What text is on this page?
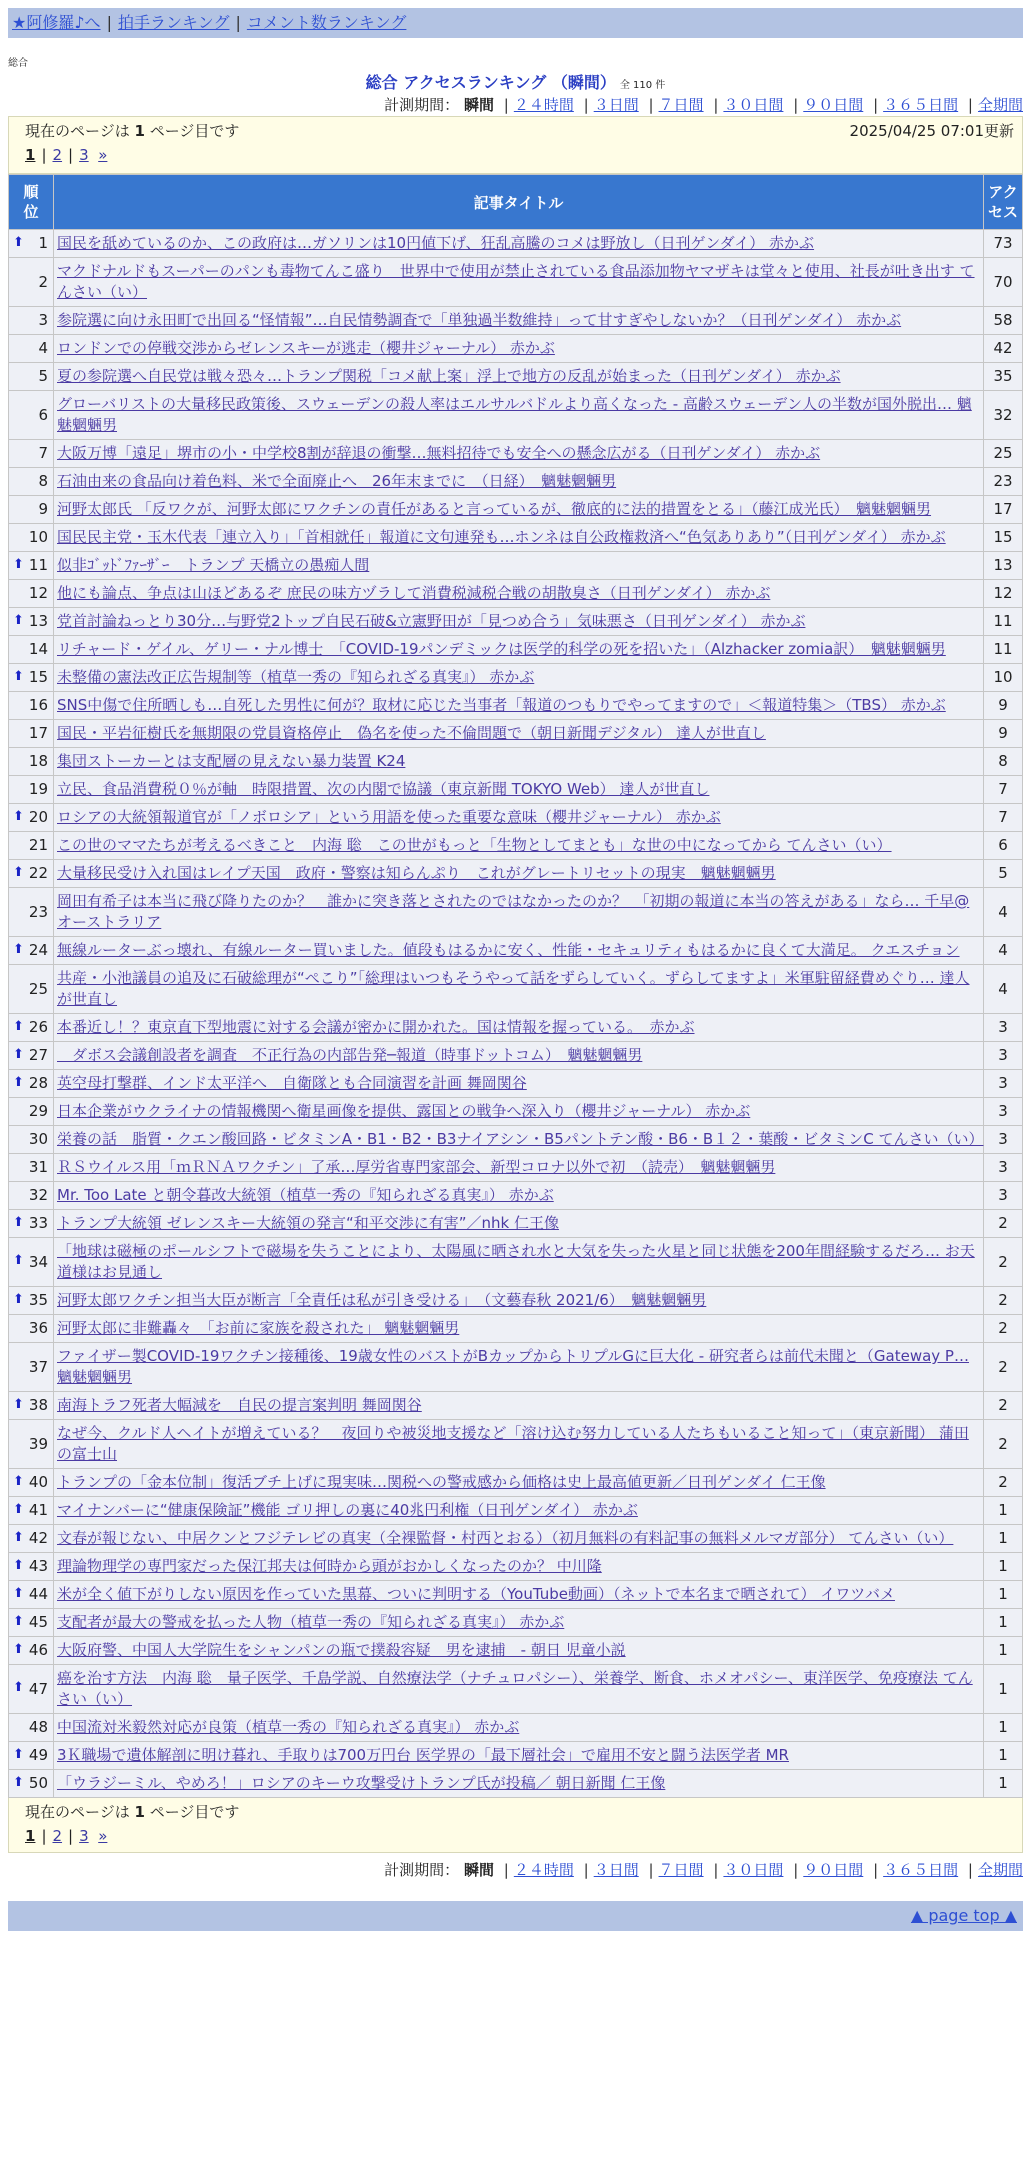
★阿修羅♪へ | 拍手ランキング | コメント数ランキング
総合
総合 アクセスランキング （瞬間） 全 110 件
計測期間： 瞬間 | ２４時間 | ３日間 | ７日間 | ３０日間 | ９０日間 | ３６５日間 | 全期間
現在のページは 1 ページ目です	2025/04/25 07:01更新
1 | 2 | 3 »
順位	記事タイトル	アクセス

⬆ 1	国民を舐めているのか、この政府は…ガソリンは10円値下げ、狂乱高騰のコメは野放し（日刊ゲンダイ） 赤かぶ	73
2	マクドナルドもスーパーのパンも毒物てんこ盛り　世界中で使用が禁止されている食品添加物ヤマザキは堂々と使用、社長が吐き出す てんさい（い）	70
3	参院選に向け永田町で出回る“怪情報”…自民情勢調査で「単独過半数維持」って甘すぎやしないか？（日刊ゲンダイ） 赤かぶ	58
4	ロンドンでの停戦交渉からゼレンスキーが逃走（櫻井ジャーナル） 赤かぶ	42
5	夏の参院選へ自民党は戦々恐々…トランプ関税「コメ献上案」浮上で地方の反乱が始まった（日刊ゲンダイ） 赤かぶ	35
6	グローバリストの大量移民政策後、スウェーデンの殺人率はエルサルバドルより高くなった - 高齢スウェーデン人の半数が国外脱出… 魑魅魍魎男	32
7	大阪万博「遠足」堺市の小・中学校8割が辞退の衝撃…無料招待でも安全への懸念広がる（日刊ゲンダイ） 赤かぶ	25
8	石油由来の食品向け着色料、米で全面廃止へ　26年末までに　（日経）　魑魅魍魎男	23
9	河野太郎氏 「反ワクが、河野太郎にワクチンの責任があると言っているが、徹底的に法的措置をとる」（藤江成光氏）　魑魅魍魎男	17
10	国民民主党・玉木代表「連立入り」「首相就任」報道に文句連発も…ホンネは自公政権救済へ“色気ありあり”（日刊ゲンダイ） 赤かぶ	15

⬆ 11	似非ｺﾞｯﾄﾞﾌｧｰｻﾞｰ　トランプ 天橋立の愚痴人間	13
12	他にも論点、争点は山ほどあるぞ 庶民の味方ヅラして消費税減税合戦の胡散臭さ（日刊ゲンダイ） 赤かぶ	12

⬆ 13	党首討論ねっとり30分…与野党2トップ自民石破&立憲野田が「見つめ合う」気味悪さ（日刊ゲンダイ） 赤かぶ	11
14	リチャード・ゲイル、ゲリー・ナル博士　「COVID-19パンデミックは医学的科学の死を招いた」（Alzhacker zomia訳）　魑魅魍魎男	11

⬆ 15	未整備の憲法改正広告規制等（植草一秀の『知られざる真実』） 赤かぶ	10
16	SNS中傷で住所晒しも…自死した男性に何が？取材に応じた当事者「報道のつもりでやってますので」＜報道特集＞（TBS） 赤かぶ	9
17	国民・平岩征樹氏を無期限の党員資格停止　偽名を使った不倫問題で（朝日新聞デジタル） 達人が世直し	9
18	集団ストーカーとは支配層の見えない暴力装置 K24	8
19	立民、食品消費税０％が軸　時限措置、次の内閣で協議（東京新聞 TOKYO Web） 達人が世直し	7

⬆ 20	ロシアの大統領報道官が「ノボロシア」という用語を使った重要な意味（櫻井ジャーナル） 赤かぶ	7
21	この世のママたちが考えるべきこと　内海 聡　この世がもっと「生物としてまとも」な世の中になってから てんさい（い）	6

⬆ 22	大量移民受け入れ国はレイプ天国　政府・警察は知らんぷり　これがグレートリセットの現実　魑魅魍魎男	5
23	岡田有希子は本当に飛び降りたのか？　誰かに突き落とされたのではなかったのか？　「初期の報道に本当の答えがある」なら… 千早@オーストラリア	4

⬆ 24	無線ルーターぶっ壊れ、有線ルーター買いました。値段もはるかに安く、性能・セキュリティもはるかに良くて大満足。 クエスチョン	4
25	共産・小池議員の追及に石破総理が“ぺこり”「総理はいつもそうやって話をずらしていく。ずらしてますよ」米軍駐留経費めぐり… 達人が世直し	4

⬆ 26	本番近し！？東京直下型地震に対する会議が密かに開かれた。国は情報を握っている。　赤かぶ	3

⬆ 27	　ダボス会議創設者を調査　不正行為の内部告発─報道（時事ドットコム）　魑魅魍魎男	3

⬆ 28	英空母打撃群、インド太平洋へ　自衛隊とも合同演習を計画 舞岡関谷	3
29	日本企業がウクライナの情報機関へ衛星画像を提供、露国との戦争へ深入り（櫻井ジャーナル） 赤かぶ	3
30	栄養の話　脂質・クエン酸回路・ビタミンA・B1・B2・B3ナイアシン・B5パントテン酸・B6・B１２・葉酸・ビタミンC てんさい（い）	3
31	ＲＳウイルス用「ｍＲＮＡワクチン」了承…厚労省専門家部会、新型コロナ以外で初　（読売）　魑魅魍魎男	3
32	Mr. Too Late と朝令暮改大統領（植草一秀の『知られざる真実』） 赤かぶ	3

⬆ 33	トランプ大統領 ゼレンスキー大統領の発言“和平交渉に有害”／nhk 仁王像	2

⬆ 34	「地球は磁極のポールシフトで磁場を失うことにより、太陽風に晒され水と大気を失った火星と同じ状態を200年間経験するだろ… お天道様はお見通し	2

⬆ 35	河野太郎ワクチン担当大臣が断言「全責任は私が引き受ける」　（文藝春秋 2021/6）　魑魅魍魎男	2
36	河野太郎に非難轟々　「お前に家族を殺された」 魑魅魍魎男	2
37	ファイザー製COVID-19ワクチン接種後、19歳女性のバストがBカップからトリプルGに巨大化 - 研究者らは前代未聞と（Gateway P… 魑魅魍魎男	2

⬆ 38	南海トラフ死者大幅減を　自民の提言案判明 舞岡関谷	2
39	なぜ今、クルド人ヘイトが増えている？　夜回りや被災地支援など「溶け込む努力している人たちもいること知って」（東京新聞） 蒲田の富士山	2

⬆ 40	トランプの「金本位制」復活ブチ上げに現実味…関税への警戒感から価格は史上最高値更新／日刊ゲンダイ 仁王像	2

⬆ 41	マイナンバーに“健康保険証”機能 ゴリ押しの裏に40兆円利権（日刊ゲンダイ） 赤かぶ	1

⬆ 42	文春が報じない、中居クンとフジテレビの真実（全裸監督・村西とおる）（初月無料の有料記事の無料メルマガ部分） てんさい（い）	1

⬆ 43	理論物理学の専門家だった保江邦夫は何時から頭がおかしくなったのか？ 中川隆	1

⬆ 44	米が全く値下がりしない原因を作っていた黒幕、ついに判明する（YouTube動画）（ネットで本名まで晒されて） イワツバメ	1

⬆ 45	支配者が最大の警戒を払った人物（植草一秀の『知られざる真実』） 赤かぶ	1

⬆ 46	大阪府警、中国人大学院生をシャンパンの瓶で撲殺容疑　男を逮捕　- 朝日 児童小説	1

⬆ 47	癌を治す方法　内海 聡　量子医学、千島学説、自然療法学（ナチュロパシー）、栄養学、断食、ホメオパシー、東洋医学、免疫療法 てんさい（い）	1
48	中国流対米毅然対応が良策（植草一秀の『知られざる真実』） 赤かぶ	1

⬆ 49	3Ｋ職場で遺体解剖に明け暮れ、手取りは700万円台 医学界の「最下層社会」で雇用不安と闘う法医学者 MR	1

⬆ 50	「ウラジーミル、やめろ！」ロシアのキーウ攻撃受けトランプ氏が投稿／ 朝日新聞 仁王像	1
現在のページは 1 ページ目です
1 | 2 | 3 »
計測期間： 瞬間 | ２４時間 | ３日間 | ７日間 | ３０日間 | ９０日間 | ３６５日間 | 全期間
▲ page top ▲
